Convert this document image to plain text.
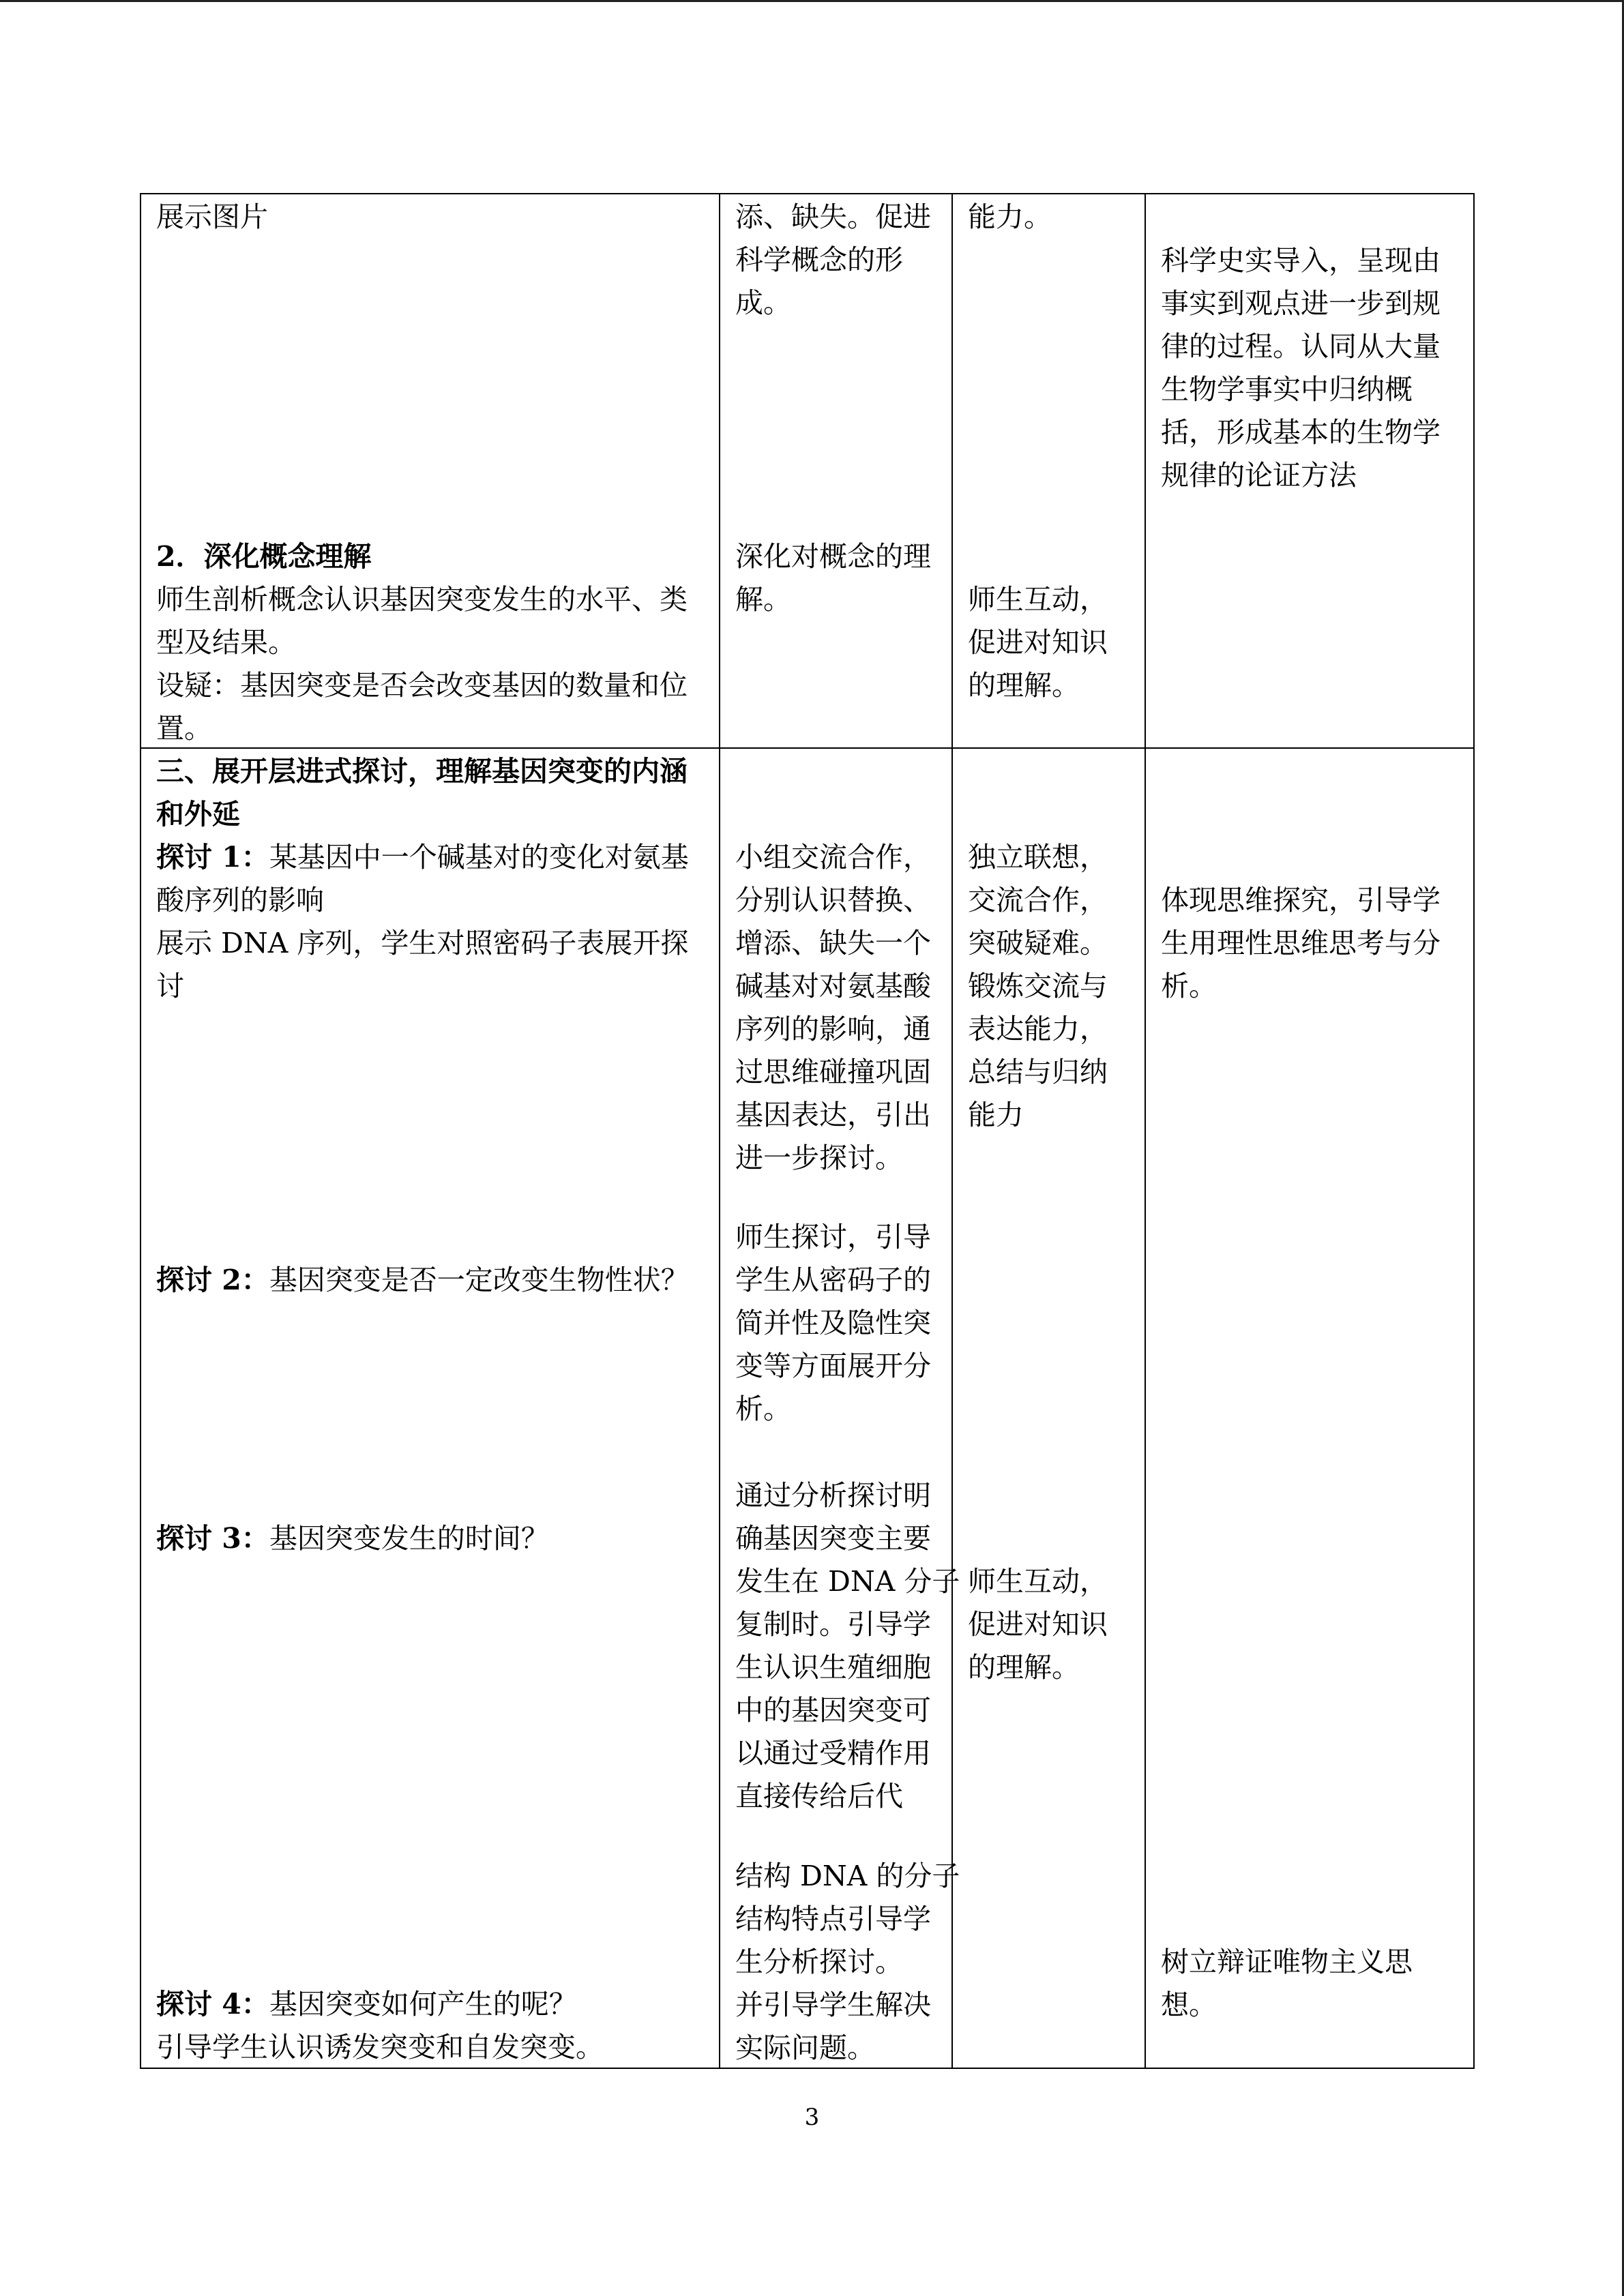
展示图片
2．深化概念理解
师生剖析概念认识基因突变发生的水平、类
型及结果。
设疑：基因突变是否会改变基因的数量和位
置。
添、缺失。促进
科学概念的形
成。
深化对概念的理
解。
能力。
师生互动，
促进对知识
的理解。
科学史实导入，呈现由
事实到观点进一步到规
律的过程。认同从大量
生物学事实中归纳概
括，形成基本的生物学
规律的论证方法
三、展开层进式探讨，理解基因突变的内涵
和外延
探讨 1：某基因中一个碱基对的变化对氨基
酸序列的影响
展示 DNA 序列，学生对照密码子表展开探
讨
探讨 2：基因突变是否一定改变生物性状？
探讨 3：基因突变发生的时间？
探讨 4：基因突变如何产生的呢？
引导学生认识诱发突变和自发突变。
小组交流合作，
分别认识替换、
增添、缺失一个
碱基对对氨基酸
序列的影响，通
过思维碰撞巩固
基因表达，引出
进一步探讨。
师生探讨，引导
学生从密码子的
简并性及隐性突
变等方面展开分
析。
通过分析探讨明
确基因突变主要
发生在 DNA 分子
复制时。引导学
生认识生殖细胞
中的基因突变可
以通过受精作用
直接传给后代
结构 DNA 的分子
结构特点引导学
生分析探讨。
并引导学生解决
实际问题。
独立联想，
交流合作，
突破疑难。
锻炼交流与
表达能力，
总结与归纳
能力
师生互动，
促进对知识
的理解。
体现思维探究，引导学
生用理性思维思考与分
析。
树立辩证唯物主义思
想。
3
